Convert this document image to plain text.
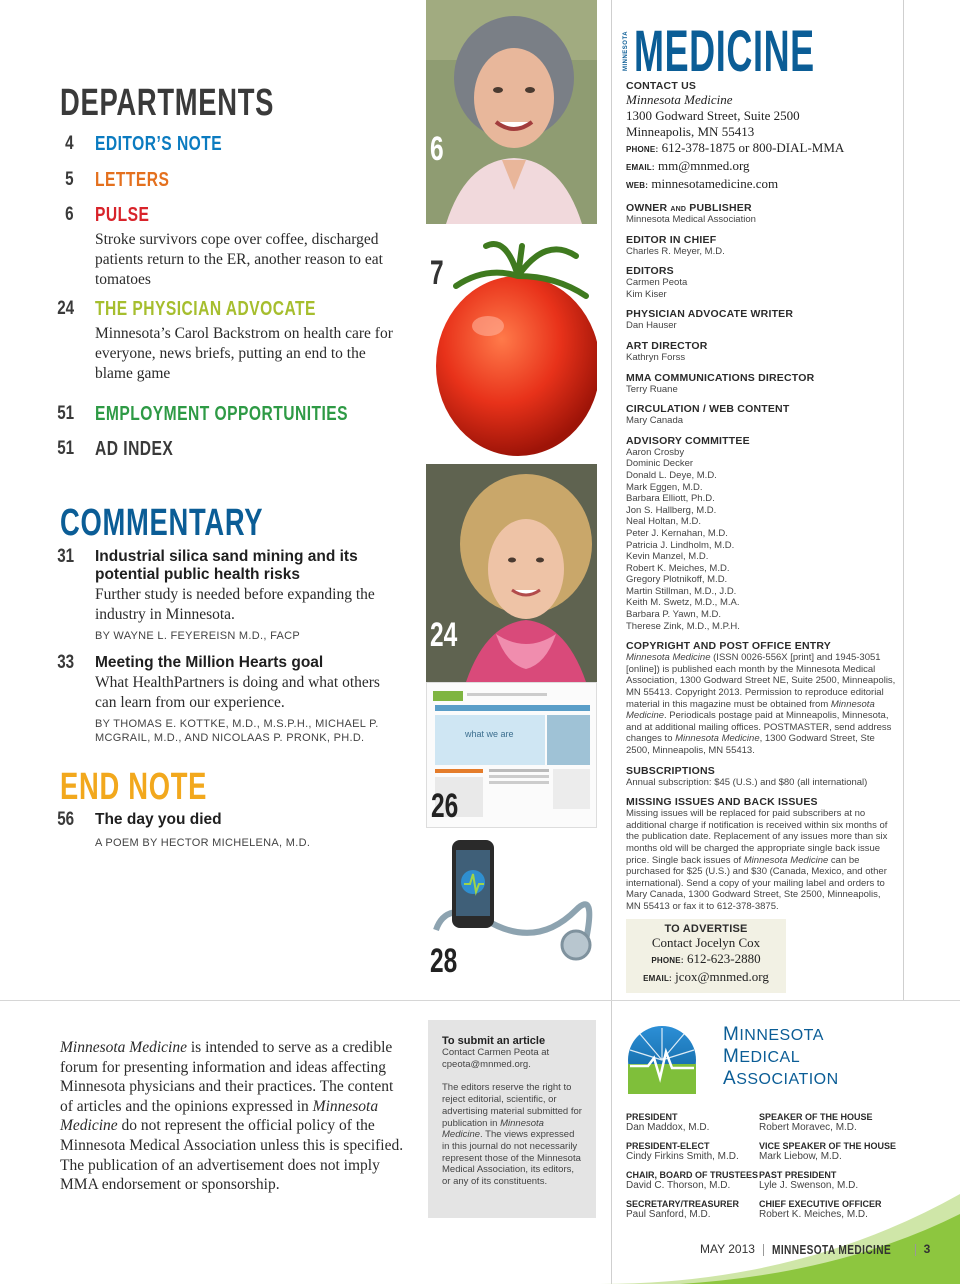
DEPARTMENTS
4 EDITOR’S NOTE
5 LETTERS
6 PULSE
Stroke survivors cope over coffee, discharged patients return to the ER, another reason to eat tomatoes
24 THE PHYSICIAN ADVOCATE
Minnesota’s Carol Backstrom on health care for everyone, news briefs, putting an end to the blame game
51 EMPLOYMENT OPPORTUNITIES
51 AD INDEX
COMMENTARY
31 Industrial silica sand mining and its potential public health risks
Further study is needed before expanding the industry in Minnesota.
BY WAYNE L. FEYEREISN M.D., FACP
33 Meeting the Million Hearts goal
What HealthPartners is doing and what others can learn from our experience.
BY THOMAS E. KOTTKE, M.D., M.S.P.H., MICHAEL P. MCGRAIL, M.D., AND NICOLAAS P. PRONK, PH.D.
END NOTE
56 The day you died
A POEM BY HECTOR MICHELENA, M.D.
6
7
24
what we are
26
28
MINNESOTA MEDICINE
CONTACT US
Minnesota Medicine
1300 Godward Street, Suite 2500
Minneapolis, MN 55413
PHONE: 612-378-1875 or 800-DIAL-MMA
EMAIL: mm@mnmed.org
WEB: minnesotamedicine.com
OWNER AND PUBLISHER
Minnesota Medical Association
EDITOR IN CHIEF
Charles R. Meyer, M.D.
EDITORS
Carmen Peota
Kim Kiser
PHYSICIAN ADVOCATE WRITER
Dan Hauser
ART DIRECTOR
Kathryn Forss
MMA COMMUNICATIONS DIRECTOR
Terry Ruane
CIRCULATION / WEB CONTENT
Mary Canada
ADVISORY COMMITTEE
Aaron Crosby
Dominic Decker
Donald L. Deye, M.D.
Mark Eggen, M.D.
Barbara Elliott, Ph.D.
Jon S. Hallberg, M.D.
Neal Holtan, M.D.
Peter J. Kernahan, M.D.
Patricia J. Lindholm, M.D.
Kevin Manzel, M.D.
Robert K. Meiches, M.D.
Gregory Plotnikoff, M.D.
Martin Stillman, M.D., J.D.
Keith M. Swetz, M.D., M.A.
Barbara P. Yawn, M.D.
Therese Zink, M.D., M.P.H.
COPYRIGHT AND POST OFFICE ENTRY
Minnesota Medicine (ISSN 0026-556X [print] and 1945-3051 [online]) is published each month by the Minnesota Medical Association, 1300 Godward Street NE, Suite 2500, Minneapolis, MN 55413. Copyright 2013. Permission to reproduce editorial material in this magazine must be obtained from Minnesota Medicine. Periodicals postage paid at Minneapolis, Minnesota, and at additional mailing offices. POSTMASTER, send address changes to Minnesota Medicine, 1300 Godward Street, Ste 2500, Minneapolis, MN 55413.
SUBSCRIPTIONS
Annual subscription: $45 (U.S.) and $80 (all international)
MISSING ISSUES AND BACK ISSUES
Missing issues will be replaced for paid subscribers at no additional charge if notification is received within six months of the publication date. Replacement of any issues more than six months old will be charged the appropriate single back issue price. Single back issues of Minnesota Medicine can be purchased for $25 (U.S.) and $30 (Canada, Mexico, and other international). Send a copy of your mailing label and orders to Mary Canada, 1300 Godward Street, Ste 2500, Minneapolis, MN 55413 or fax it to 612-378-3875.
TO ADVERTISE
Contact Jocelyn Cox
PHONE: 612-623-2880
EMAIL: jcox@mnmed.org
Minnesota Medicine is intended to serve as a credible forum for presenting information and ideas affecting Minnesota physicians and their practices. The content of articles and the opinions expressed in Minnesota Medicine do not represent the official policy of the Minnesota Medical Association unless this is specified. The publication of an advertisement does not imply MMA endorsement or sponsorship.
To submit an article

Contact Carmen Peota at

cpeota@mnmed.org.

The editors reserve the right to reject editorial, scientific, or advertising material submitted for publication in Minnesota Medicine. The views expressed in this journal do not necessarily represent those of the Minnesota Medical Association, its editors, or any of its constituents.

MINNESOTA
MEDICAL
ASSOCIATION
PRESIDENT
Dan Maddox, M.D.
SPEAKER OF THE HOUSE
Robert Moravec, M.D.
PRESIDENT-ELECT
Cindy Firkins Smith, M.D.
VICE SPEAKER OF THE HOUSE
Mark Liebow, M.D.
CHAIR, BOARD OF TRUSTEES
David C. Thorson, M.D.
PAST PRESIDENT
Lyle J. Swenson, M.D.
SECRETARY/TREASURER
Paul Sanford, M.D.
CHIEF EXECUTIVE OFFICER
Robert K. Meiches, M.D.
MAY 2013 MINNESOTA MEDICINE	3
